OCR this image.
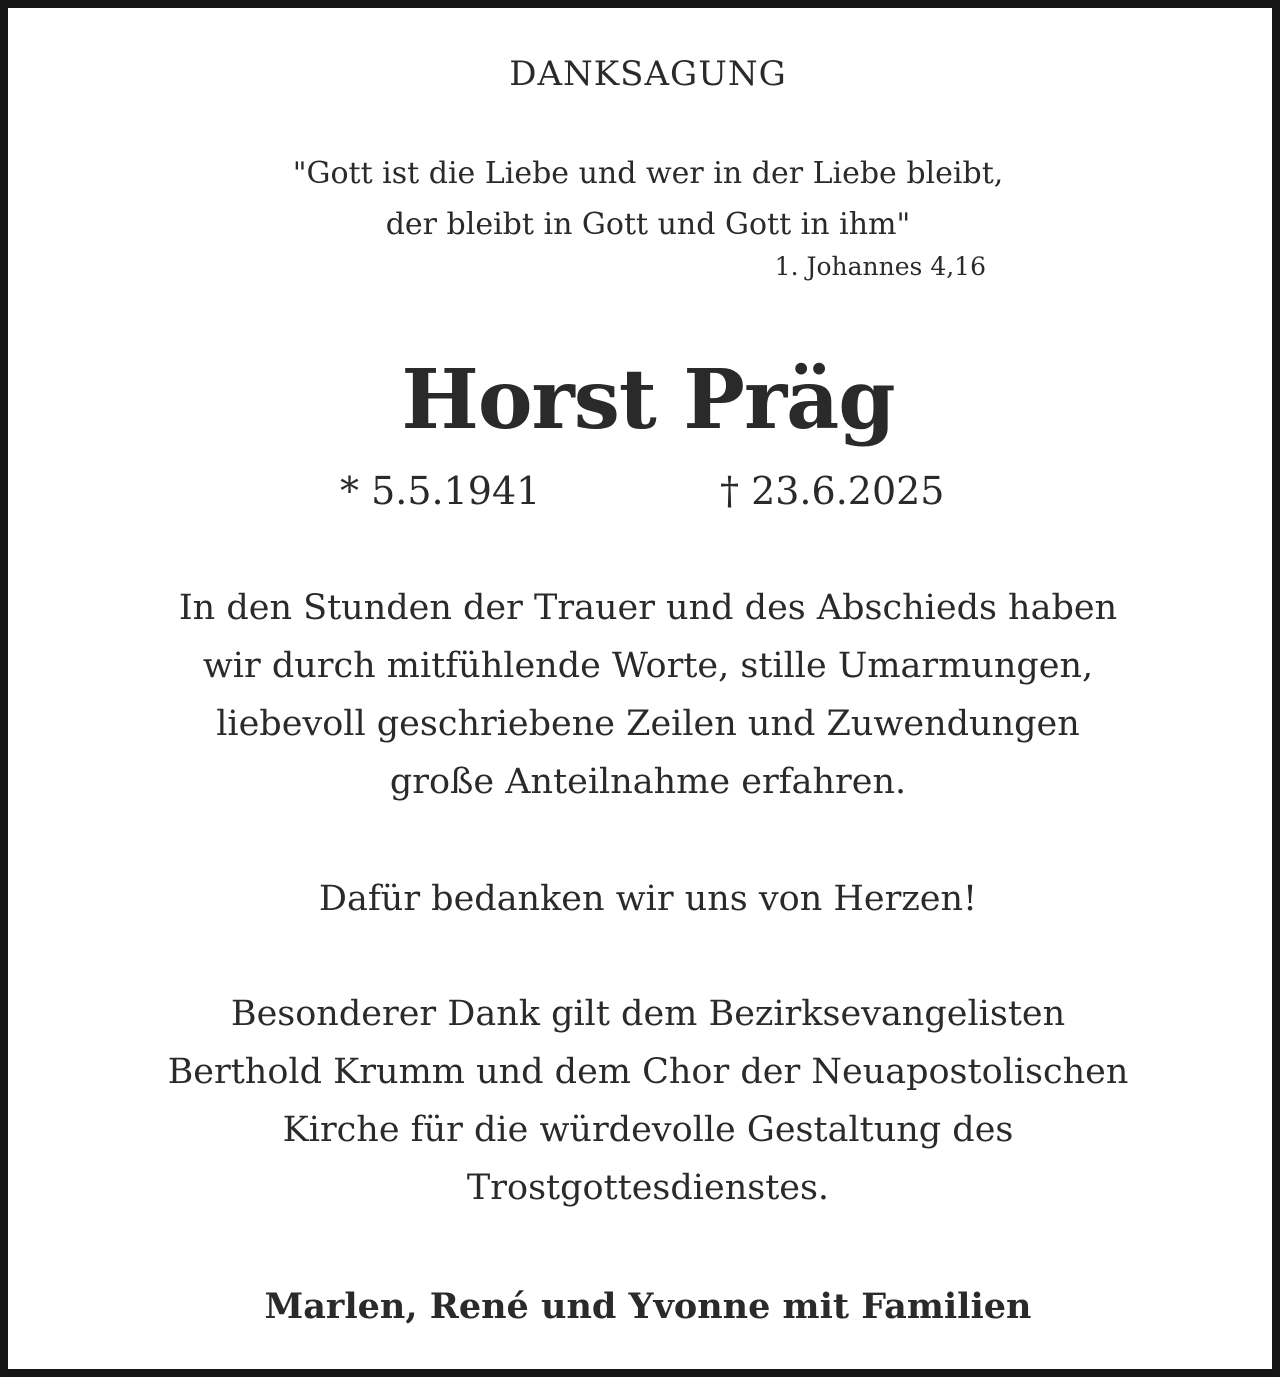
DANKSAGUNG
"Gott ist die Liebe und wer in der Liebe bleibt,
der bleibt in Gott und Gott in ihm"
1. Johannes 4,16
Horst Präg
* 5.5.1941	† 23.6.2025
In den Stunden der Trauer und des Abschieds haben
wir durch mitfühlende Worte, stille Umarmungen,
liebevoll geschriebene Zeilen und Zuwendungen
große Anteilnahme erfahren.
Dafür bedanken wir uns von Herzen!
Besonderer Dank gilt dem Bezirksevangelisten
Berthold Krumm und dem Chor der Neuapostolischen
Kirche für die würdevolle Gestaltung des
Trostgottesdienstes.
Marlen, René und Yvonne mit Familien
